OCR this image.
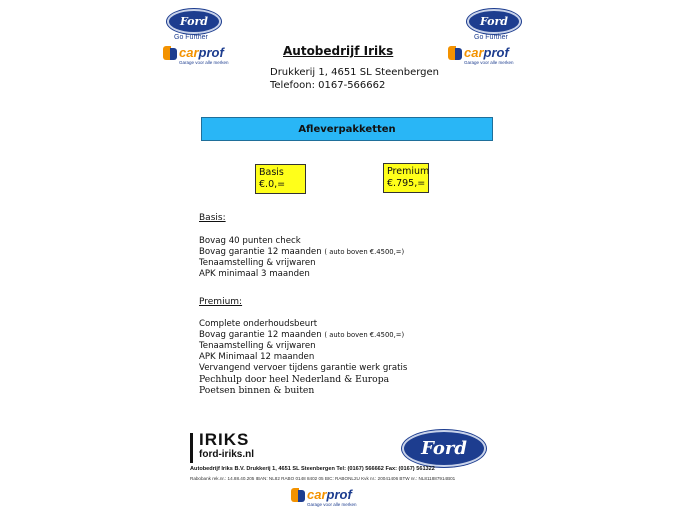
Ford
Go Further
carprof
Garage voor alle merken
Ford
Go Further
carprof
Garage voor alle merken
Autobedrijf Iriks
Drukkerij 1, 4651 SL Steenbergen
Telefoon: 0167-566662
Afleverpakketten
Basis
€.0,=
Premium
€.795,=
Basis:
Bovag 40 punten check
Bovag garantie 12 maanden ( auto boven €.4500,=)
Tenaamstelling & vrijwaren
APK minimaal 3 maanden
Premium:
Complete onderhoudsbeurt
Bovag garantie 12 maanden ( auto boven €.4500,=)
Tenaamstelling & vrijwaren
APK Minimaal 12 maanden
Vervangend vervoer tijdens garantie werk gratis
Pechhulp door heel Nederland & Europa
Poetsen binnen & buiten
IRIKS
ford-iriks.nl	Ford
Autobedrijf Iriks B.V. Drukkerij 1, 4651 SL Steenbergen Tel: (0167) 566662 Fax: (0167) 561322
Rabobank rek.nr.: 14.88.40.205 IBAN: NL82 RABO 0148 8402 05 BIC: RABONL2U Kvk nr.: 20041406 BTW nr.: NL811887914B01
carprof
Garage voor alle merken
